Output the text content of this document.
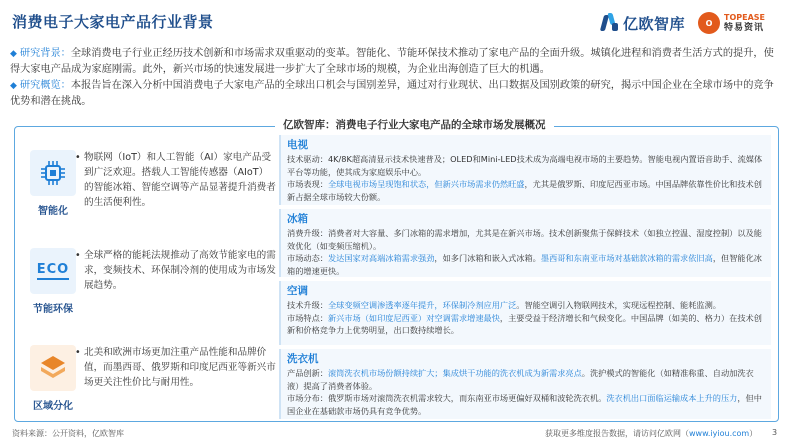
消费电子大家电产品行业背景	亿欧智库	O
TOPEASE
特易资讯

◆ 研究背景：全球消费电子行业正经历技术创新和市场需求双重驱动的变革。智能化、节能环保技术推动了家电产品的全面升级。城镇化进程和消费者生活方式的提升，使得大家电产品成为家庭刚需。此外，新兴市场的快速发展进一步扩大了全球市场的规模，为企业出海创造了巨大的机遇。

◆ 研究概览：本报告旨在深入分析中国消费电子大家电产品的全球出口机会与国别差异，通过对行业现状、出口数据及国别政策的研究，揭示中国企业在全球市场中的竞争优势和潜在挑战。

亿欧智库：消费电子行业大家电产品的全球市场发展概况
智能化
• 物联网（IoT）和人工智能（AI）家电产品受到广泛欢迎。搭载人工智能传感器（AIoT）的智能冰箱、智能空调等产品显著提升消费者的生活便利性。
ECO
节能环保
• 全球严格的能耗法规推动了高效节能家电的需求，变频技术、环保制冷剂的使用成为市场发展趋势。
区域分化
• 北美和欧洲市场更加注重产品性能和品牌价值，而墨西哥、俄罗斯和印度尼西亚等新兴市场更关注性价比与耐用性。
电视
技术驱动：4K/8K超高清显示技术快速普及；OLED和Mini-LED技术成为高端电视市场的主要趋势。智能电视内置语音助手、流媒体平台等功能，使其成为家庭娱乐中心。
市场表现：全球电视市场呈现饱和状态，但新兴市场需求仍然旺盛，尤其是俄罗斯、印度尼西亚市场。中国品牌依靠性价比和技术创新占据全球市场较大份额。
冰箱
消费升级：消费者对大容量、多门冰箱的需求增加，尤其是在新兴市场。技术创新聚焦于保鲜技术（如独立控温、湿度控制）以及能效优化（如变频压缩机）。
市场动态：发达国家对高端冰箱需求强劲，如多门冰箱和嵌入式冰箱。墨西哥和东南亚市场对基础款冰箱的需求依旧高，但智能化冰箱的增速更快。
空调
技术升级：全球变频空调渗透率逐年提升，环保制冷剂应用广泛。智能空调引入物联网技术，实现远程控制、能耗监测。
市场特点：新兴市场（如印度尼西亚）对空调需求增速最快，主要受益于经济增长和气候变化。中国品牌（如美的、格力）在技术创新和价格竞争力上优势明显，出口数持续增长。
洗衣机
产品创新：滚筒洗衣机市场份额持续扩大；集成烘干功能的洗衣机成为新需求亮点。洗护模式的智能化（如精准称重、自动加洗衣液）提高了消费者体验。
市场分布：俄罗斯市场对滚筒洗衣机需求较大，而东南亚市场更偏好双桶和波轮洗衣机。洗衣机出口面临运输成本上升的压力，但中国企业在基础款市场仍具有竞争优势。
资料来源：公开资料，亿欧智库	获取更多维度报告数据，请访问亿欧网（www.iyiou.com） 3
